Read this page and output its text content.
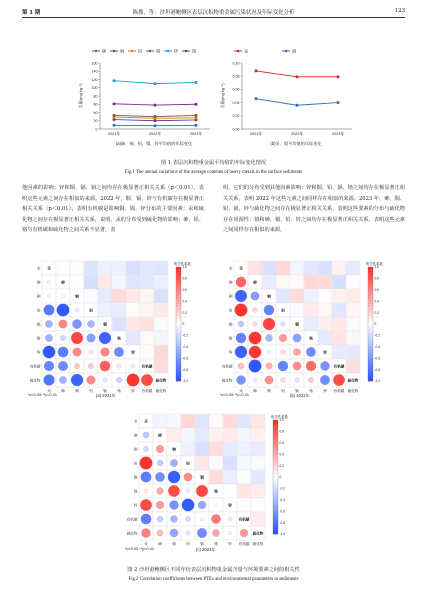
第 1 期	陈拥，等：沙坦港鲍侧区表层沉积物重金属污染状况及年际变化分析	123
砷	铜	铅	镍	锌	铬
0
20
40
60
80
100
120
140
160
2021年	2022年	2023年
含量/(mg·kg⁻¹)
汞	镉
0.00
0.02
0.04
0.06
0.08
0.10
2021年	2022年	2023年
含量/(mg·kg⁻¹)
(a)砷、铜、铅、镍、锌平均值的年际变化	(b)汞、镉平均值的年际变化
图 1 表层沉积物重金属平均值的年际变化情况
Fig.1 The annual variations of the average contents of heavy metals in the surface sediments

他因素的影响；锌和铜、镉、铬之间均存在极显著正相关关系（p＜0.01），表明这些元素之间存在相似的来源。2022 年，铜、镉、锌与有机碳存在极显著正相关关系（p＜0.01），表明有机碳是影响铜、镉、锌分布的主要因素；汞和硫化物之间存在极显著正相关关系，说明，汞的分布受到硫化物的影响；砷、铅、铬与有机碳和硫化物之间关系不显著，表

明，它们的分布受到其他因素影响；锌和铜、铅、镉、铬之间均存在极显著正相关关系，表明 2022 年这些元素之间同样存在相似的来源。2023 年，砷、铜、铅、镉、锌与硫化物之间存在极显著正相关关系，表明这些要素的分布与硫化物存在同源性；铬和砷、铜、铅、锌之间均存在极显著正相关关系，表明这些元素之间同样存在相似的来源。

汞
汞
汞
砷
砷
砷
铜
铜
铜
铅
铅
铅
镉
镉
镉
铬
铬
铬
锌
锌
锌
有机碳
有机碳
有机碳
硫化物
硫化物
硫化物
相关性系数
1.0
0.8
0.6
0.4
0.2
0
-0.2
-0.4
-0.6
-0.8
-1.0
汞
汞
汞
砷
砷
砷
铜
铜
铜
铅
铅
铅
镉
镉
镉
铬
铬
铬
锌
锌
锌
有机碳
有机碳
有机碳
硫化物
硫化物
硫化物
相关性系数
1.0
0.8
0.6
0.4
0.2
0
-0.2
-0.4
-0.6
-0.8
-1.0
汞
汞
汞
砷
砷
砷
铜
铜
铜
铅
铅
铅
镉
镉
镉
铬
铬
铬
锌
锌
锌
有机碳
有机碳
有机碳
硫化物
硫化物
硫化物
相关性系数
1.0
0.8
0.6
0.4
0.2
0
-0.2
-0.4
-0.6
-0.8
-1.0
*p<0.05 **p<0.01	(a) 2021年	*p<0.05 **p<0.01	(b) 2022年
*p<0.05 **p<0.01	(c) 2023年
图 2 沙坦港鲍侧区不同年份表层沉积物重金属含量与环境要素之间的相关性
Fig.2 Correlation coefficients between PTEs and environmental parameters in sediments
